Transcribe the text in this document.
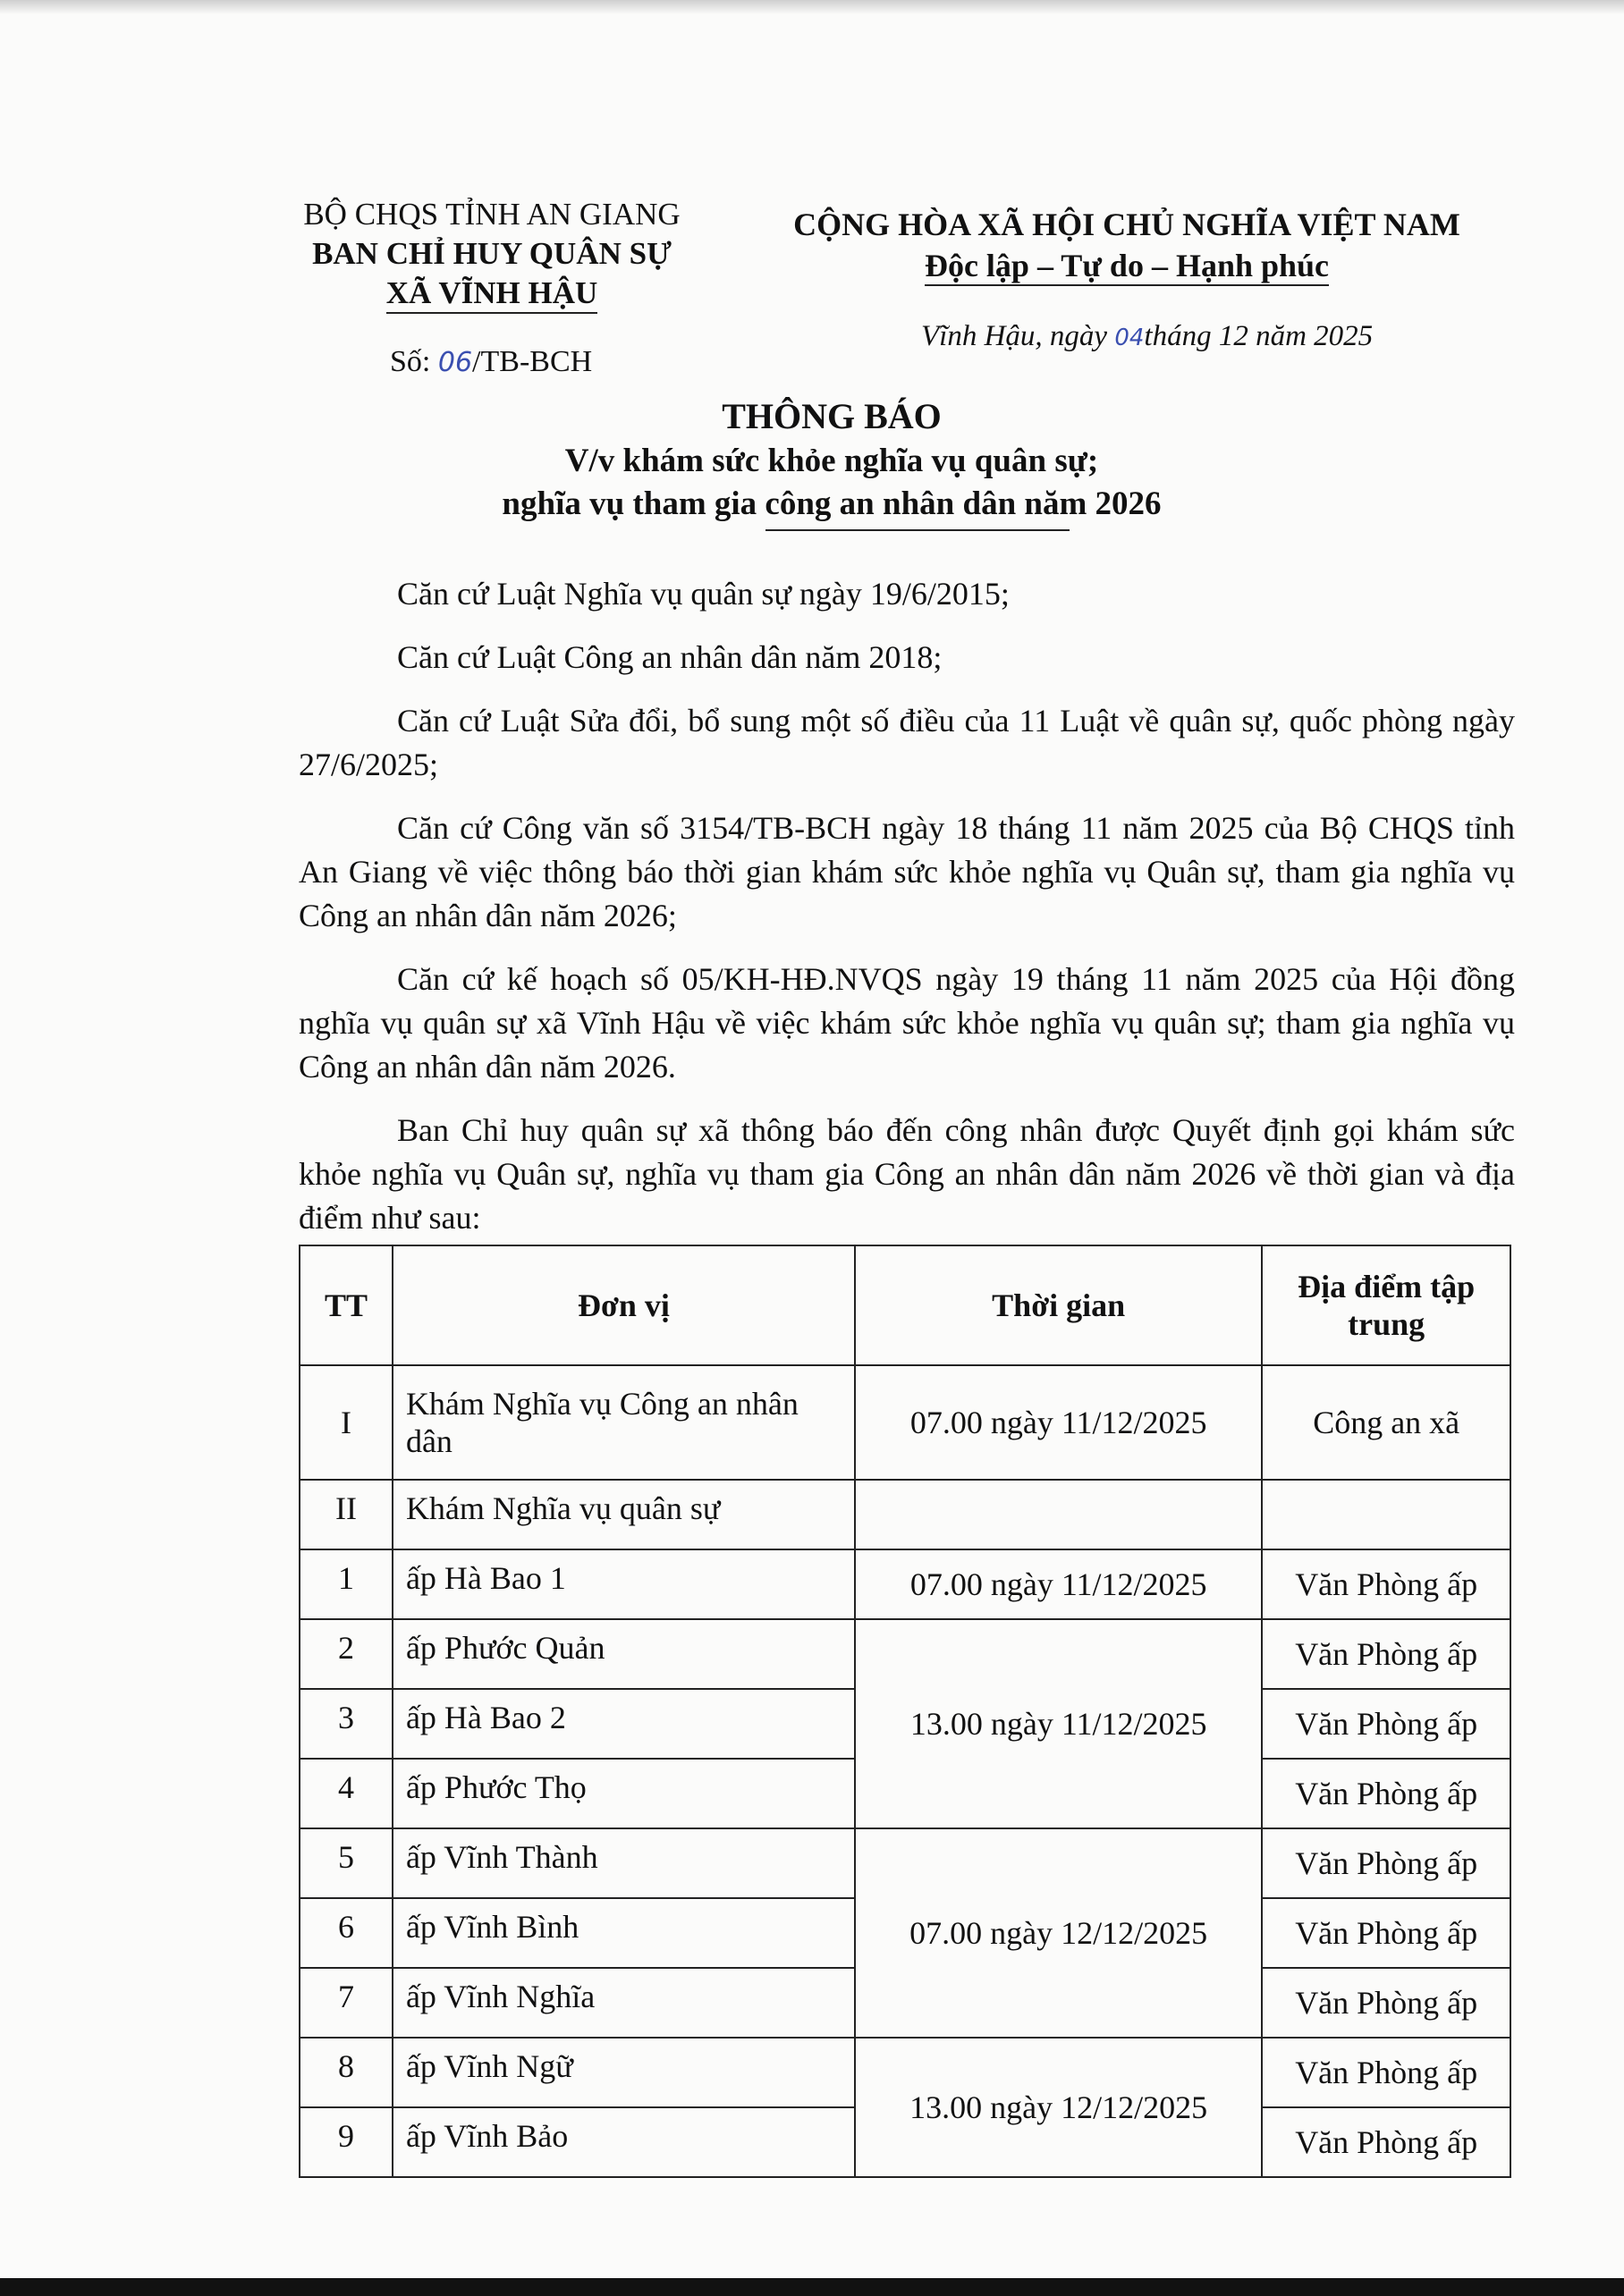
BỘ CHQS TỈNH AN GIANG
BAN CHỈ HUY QUÂN SỰ
XÃ VĨNH HẬU
CỘNG HÒA XÃ HỘI CHỦ NGHĨA VIỆT NAM
Độc lập – Tự do – Hạnh phúc
Số: 06/TB-BCH
Vĩnh Hậu, ngày 04tháng 12 năm 2025
THÔNG BÁO
V/v khám sức khỏe nghĩa vụ quân sự;
nghĩa vụ tham gia công an nhân dân năm 2026

Căn cứ Luật Nghĩa vụ quân sự ngày 19/6/2015;

Căn cứ Luật Công an nhân dân năm 2018;

Căn cứ Luật Sửa đổi, bổ sung một số điều của 11 Luật về quân sự, quốc phòng ngày 27/6/2025;

Căn cứ Công văn số 3154/TB-BCH ngày 18 tháng 11 năm 2025 của Bộ CHQS tỉnh An Giang về việc thông báo thời gian khám sức khỏe nghĩa vụ Quân sự, tham gia nghĩa vụ Công an nhân dân năm 2026;

Căn cứ kế hoạch số 05/KH-HĐ.NVQS ngày 19 tháng 11 năm 2025 của Hội đồng nghĩa vụ quân sự xã Vĩnh Hậu về việc khám sức khỏe nghĩa vụ quân sự; tham gia nghĩa vụ Công an nhân dân năm 2026.

Ban Chỉ huy quân sự xã thông báo đến công nhân được Quyết định gọi khám sức khỏe nghĩa vụ Quân sự, nghĩa vụ tham gia Công an nhân dân năm 2026 về thời gian và địa điểm như sau:

TT	Đơn vị	Thời gian	Địa điểm tập trung
I	Khám Nghĩa vụ Công an nhân dân	07.00 ngày 11/12/2025	Công an xã
II	Khám Nghĩa vụ quân sự		
1	ấp Hà Bao 1	07.00 ngày 11/12/2025	Văn Phòng ấp
2	ấp Phước Quản	13.00 ngày 11/12/2025	Văn Phòng ấp
3	ấp Hà Bao 2		Văn Phòng ấp
4	ấp Phước Thọ		Văn Phòng ấp
5	ấp Vĩnh Thành	07.00 ngày 12/12/2025	Văn Phòng ấp
6	ấp Vĩnh Bình		Văn Phòng ấp
7	ấp Vĩnh Nghĩa		Văn Phòng ấp
8	ấp Vĩnh Ngữ	13.00 ngày 12/12/2025	Văn Phòng ấp
9	ấp Vĩnh Bảo		Văn Phòng ấp
